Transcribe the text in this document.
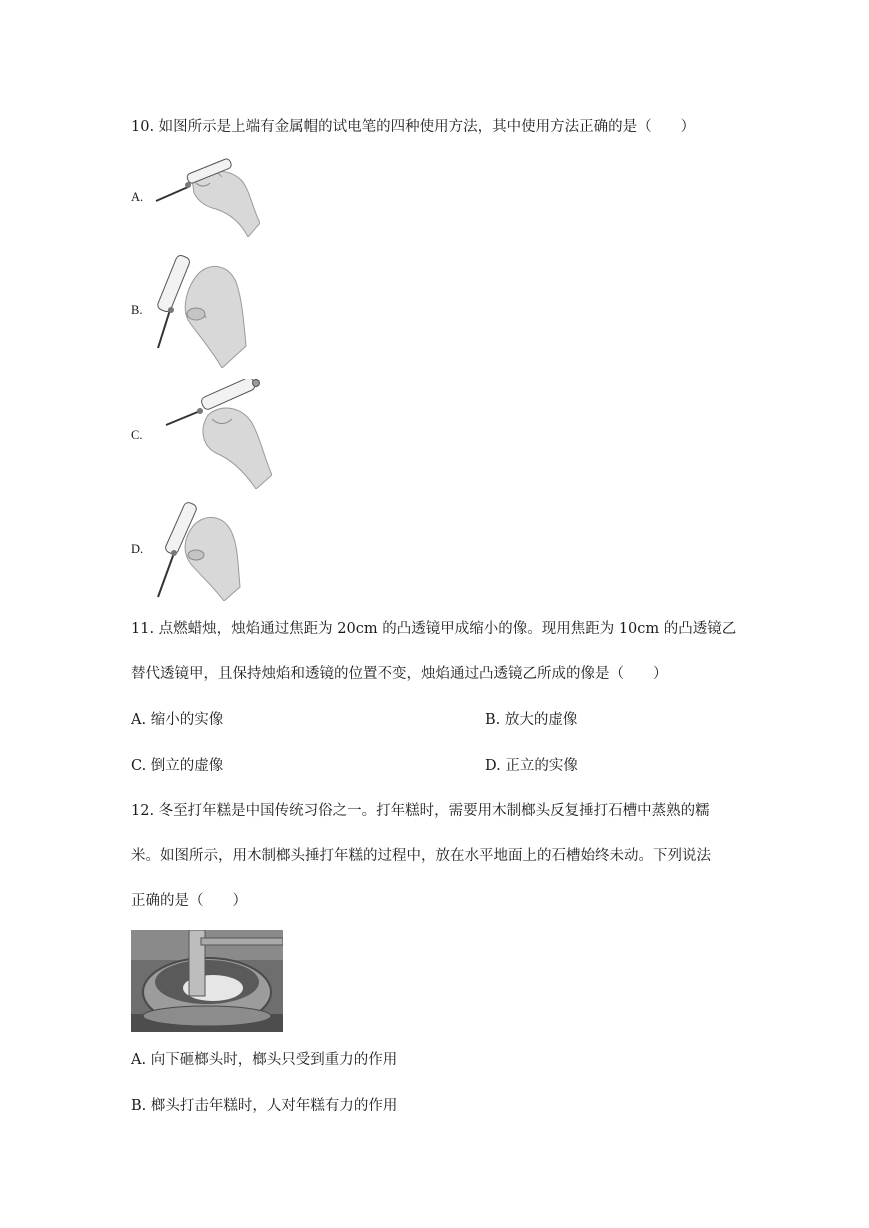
10. 如图所示是上端有金属帽的试电笔的四种使用方法，其中使用方法正确的是（　　）
A.
B.
C.
D.
11. 点燃蜡烛，烛焰通过焦距为 20cm 的凸透镜甲成缩小的像。现用焦距为 10cm 的凸透镜乙
替代透镜甲，且保持烛焰和透镜的位置不变，烛焰通过凸透镜乙所成的像是（　　）
A. 缩小的实像	B. 放大的虚像
C. 倒立的虚像	D. 正立的实像
12. 冬至打年糕是中国传统习俗之一。打年糕时，需要用木制榔头反复捶打石槽中蒸熟的糯
米。如图所示，用木制榔头捶打年糕的过程中，放在水平地面上的石槽始终未动。下列说法
正确的是（　　）
A. 向下砸榔头时，榔头只受到重力的作用
B. 榔头打击年糕时，人对年糕有力的作用
